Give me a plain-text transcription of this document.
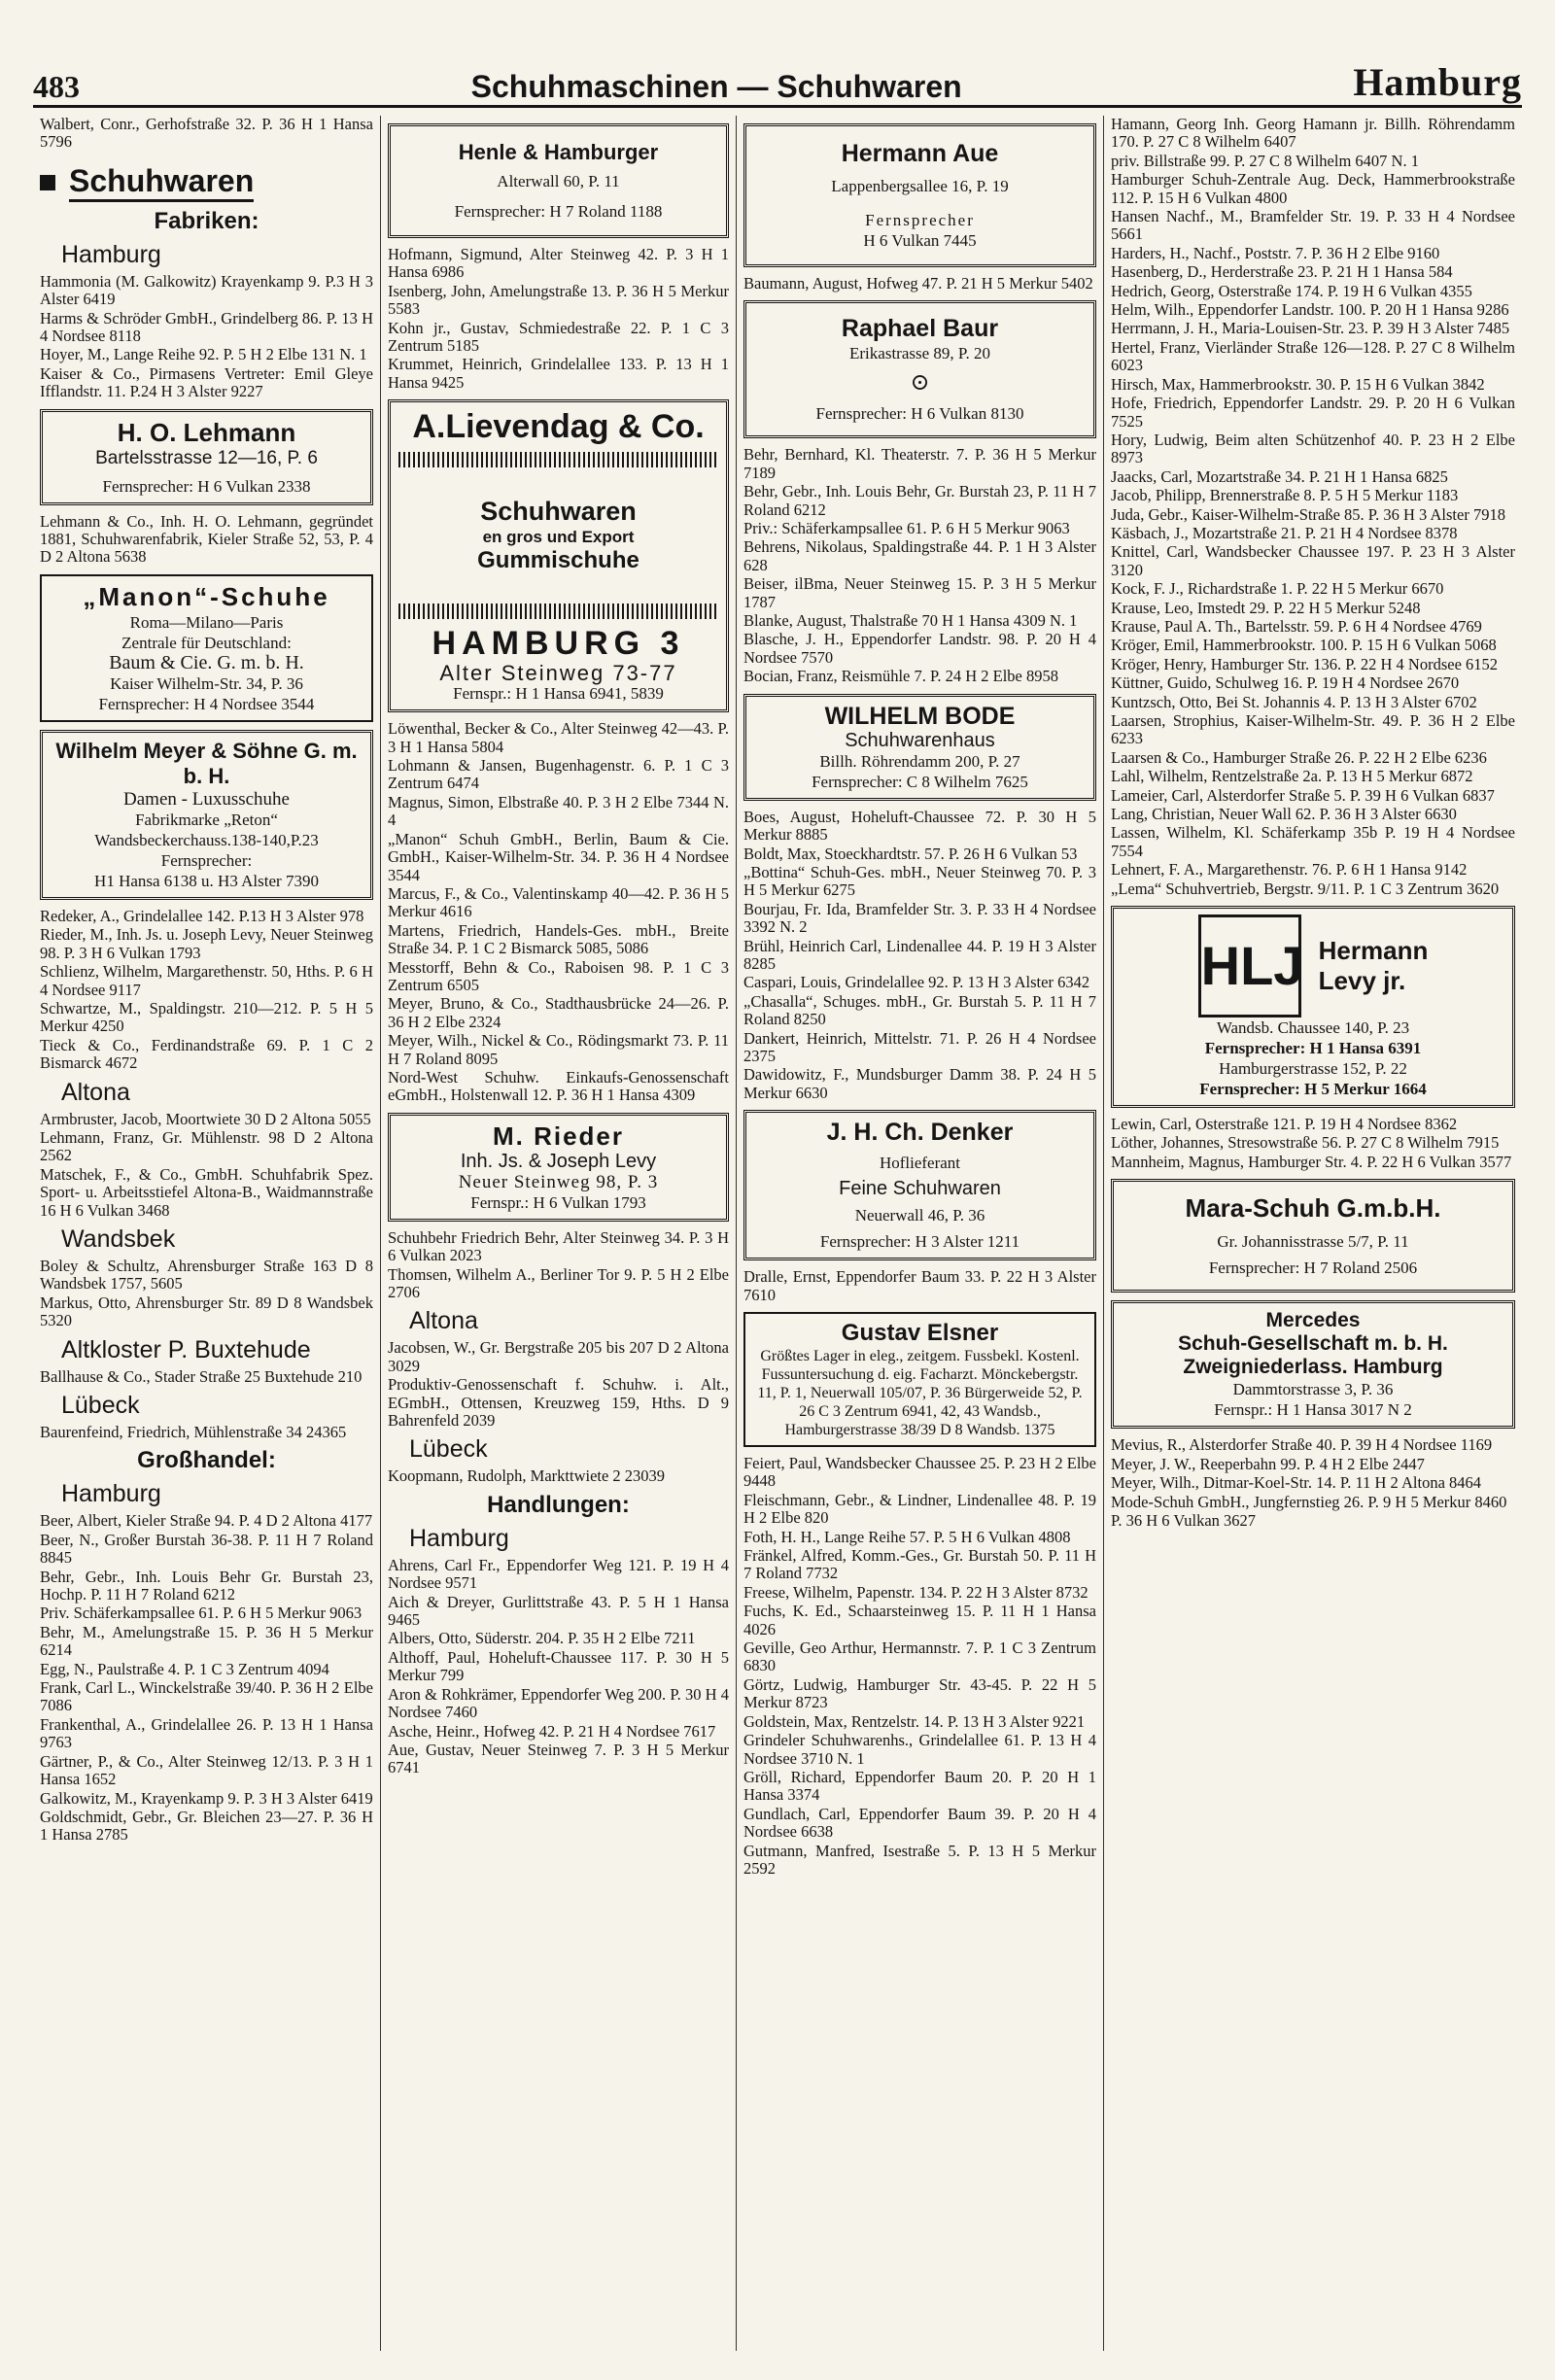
483	Schuhmaschinen — Schuhwaren	Hamburg

Walbert, Conr., Gerhofstraße 32. P. 36 H 1 Hansa 5796

Schuhwaren
Fabriken:
Hamburg

Hammonia (M. Galkowitz) Krayenkamp 9. P.3 H 3 Alster 6419

Harms & Schröder GmbH., Grindelberg 86. P. 13 H 4 Nordsee 8118

Hoyer, M., Lange Reihe 92. P. 5 H 2 Elbe 131 N. 1

Kaiser & Co., Pirmasens Vertreter: Emil Gleye Ifflandstr. 11. P.24 H 3 Alster 9227

H. O. Lehmann
Bartelsstrasse 12—16, P. 6
Fernsprecher: H 6 Vulkan 2338

Lehmann & Co., Inh. H. O. Lehmann, gegründet 1881, Schuhwarenfabrik, Kieler Straße 52, 53, P. 4 D 2 Altona 5638

„Manon“-Schuhe
Roma—Milano—Paris
Zentrale für Deutschland:
Baum & Cie. G. m. b. H.
Kaiser Wilhelm-Str. 34, P. 36
Fernsprecher: H 4 Nordsee 3544
Wilhelm Meyer & Söhne G. m. b. H.
Damen - Luxusschuhe
Fabrikmarke „Reton“
Wandsbeckerchauss.138-140,P.23
Fernsprecher:
H1 Hansa 6138 u. H3 Alster 7390

Redeker, A., Grindelallee 142. P.13 H 3 Alster 978

Rieder, M., Inh. Js. u. Joseph Levy, Neuer Steinweg 98. P. 3 H 6 Vulkan 1793

Schlienz, Wilhelm, Margarethenstr. 50, Hths. P. 6 H 4 Nordsee 9117

Schwartze, M., Spaldingstr. 210—212. P. 5 H 5 Merkur 4250

Tieck & Co., Ferdinandstraße 69. P. 1 C 2 Bismarck 4672

Altona

Armbruster, Jacob, Moortwiete 30 D 2 Altona 5055

Lehmann, Franz, Gr. Mühlenstr. 98 D 2 Altona 2562

Matschek, F., & Co., GmbH. Schuhfabrik Spez. Sport- u. Arbeitsstiefel Altona-B., Waidmannstraße 16 H 6 Vulkan 3468

Wandsbek

Boley & Schultz, Ahrensburger Straße 163 D 8 Wandsbek 1757, 5605

Markus, Otto, Ahrensburger Str. 89 D 8 Wandsbek 5320

Altkloster P. Buxtehude

Ballhause & Co., Stader Straße 25 Buxtehude 210

Lübeck

Baurenfeind, Friedrich, Mühlenstraße 34 24365

Großhandel:
Hamburg

Beer, Albert, Kieler Straße 94. P. 4 D 2 Altona 4177

Beer, N., Großer Burstah 36-38. P. 11 H 7 Roland 8845

Behr, Gebr., Inh. Louis Behr Gr. Burstah 23, Hochp. P. 11 H 7 Roland 6212

Priv. Schäferkampsallee 61. P. 6 H 5 Merkur 9063

Behr, M., Amelungstraße 15. P. 36 H 5 Merkur 6214

Egg, N., Paulstraße 4. P. 1 C 3 Zentrum 4094

Frank, Carl L., Winckelstraße 39/40. P. 36 H 2 Elbe 7086

Frankenthal, A., Grindelallee 26. P. 13 H 1 Hansa 9763

Gärtner, P., & Co., Alter Steinweg 12/13. P. 3 H 1 Hansa 1652

Galkowitz, M., Krayenkamp 9. P. 3 H 3 Alster 6419

Goldschmidt, Gebr., Gr. Bleichen 23—27. P. 36 H 1 Hansa 2785

Henle & Hamburger
Alterwall 60, P. 11
Fernsprecher: H 7 Roland 1188

Hofmann, Sigmund, Alter Steinweg 42. P. 3 H 1 Hansa 6986

Isenberg, John, Amelungstraße 13. P. 36 H 5 Merkur 5583

Kohn jr., Gustav, Schmiedestraße 22. P. 1 C 3 Zentrum 5185

Krummet, Heinrich, Grindelallee 133. P. 13 H 1 Hansa 9425

A.Lievendag & Co.
Schuhwaren
en gros und Export
Gummischuhe
HAMBURG 3
Alter Steinweg 73-77
Fernspr.: H 1 Hansa 6941, 5839

Löwenthal, Becker & Co., Alter Steinweg 42—43. P. 3 H 1 Hansa 5804

Lohmann & Jansen, Bugenhagenstr. 6. P. 1 C 3 Zentrum 6474

Magnus, Simon, Elbstraße 40. P. 3 H 2 Elbe 7344 N. 4

„Manon“ Schuh GmbH., Berlin, Baum & Cie. GmbH., Kaiser-Wilhelm-Str. 34. P. 36 H 4 Nordsee 3544

Marcus, F., & Co., Valentinskamp 40—42. P. 36 H 5 Merkur 4616

Martens, Friedrich, Handels-Ges. mbH., Breite Straße 34. P. 1 C 2 Bismarck 5085, 5086

Messtorff, Behn & Co., Raboisen 98. P. 1 C 3 Zentrum 6505

Meyer, Bruno, & Co., Stadthausbrücke 24—26. P. 36 H 2 Elbe 2324

Meyer, Wilh., Nickel & Co., Rödingsmarkt 73. P. 11 H 7 Roland 8095

Nord-West Schuhw. Einkaufs-Genossenschaft eGmbH., Holstenwall 12. P. 36 H 1 Hansa 4309

M. Rieder
Inh. Js. & Joseph Levy
Neuer Steinweg 98, P. 3
Fernspr.: H 6 Vulkan 1793

Schuhbehr Friedrich Behr, Alter Steinweg 34. P. 3 H 6 Vulkan 2023

Thomsen, Wilhelm A., Berliner Tor 9. P. 5 H 2 Elbe 2706

Altona

Jacobsen, W., Gr. Bergstraße 205 bis 207 D 2 Altona 3029

Produktiv-Genossenschaft f. Schuhw. i. Alt., EGmbH., Ottensen, Kreuzweg 159, Hths. D 9 Bahrenfeld 2039

Lübeck

Koopmann, Rudolph, Markttwiete 2 23039

Handlungen:
Hamburg

Ahrens, Carl Fr., Eppendorfer Weg 121. P. 19 H 4 Nordsee 9571

Aich & Dreyer, Gurlittstraße 43. P. 5 H 1 Hansa 9465

Albers, Otto, Süderstr. 204. P. 35 H 2 Elbe 7211

Althoff, Paul, Hoheluft-Chaussee 117. P. 30 H 5 Merkur 799

Aron & Rohkrämer, Eppendorfer Weg 200. P. 30 H 4 Nordsee 7460

Asche, Heinr., Hofweg 42. P. 21 H 4 Nordsee 7617

Aue, Gustav, Neuer Steinweg 7. P. 3 H 5 Merkur 6741

Hermann Aue
Lappenbergsallee 16, P. 19
Fernsprecher
H 6 Vulkan 7445

Baumann, August, Hofweg 47. P. 21 H 5 Merkur 5402

Raphael Baur
Erikastrasse 89, P. 20
⊙
Fernsprecher: H 6 Vulkan 8130

Behr, Bernhard, Kl. Theaterstr. 7. P. 36 H 5 Merkur 7189

Behr, Gebr., Inh. Louis Behr, Gr. Burstah 23, P. 11 H 7 Roland 6212

Priv.: Schäferkampsallee 61. P. 6 H 5 Merkur 9063

Behrens, Nikolaus, Spaldingstraße 44. P. 1 H 3 Alster 628

Beiser, ilBma, Neuer Steinweg 15. P. 3 H 5 Merkur 1787

Blanke, August, Thalstraße 70 H 1 Hansa 4309 N. 1

Blasche, J. H., Eppendorfer Landstr. 98. P. 20 H 4 Nordsee 7570

Bocian, Franz, Reismühle 7. P. 24 H 2 Elbe 8958

WILHELM BODE
Schuhwarenhaus
Billh. Röhrendamm 200, P. 27
Fernsprecher: C 8 Wilhelm 7625

Boes, August, Hoheluft-Chaussee 72. P. 30 H 5 Merkur 8885

Boldt, Max, Stoeckhardtstr. 57. P. 26 H 6 Vulkan 53

„Bottina“ Schuh-Ges. mbH., Neuer Steinweg 70. P. 3 H 5 Merkur 6275

Bourjau, Fr. Ida, Bramfelder Str. 3. P. 33 H 4 Nordsee 3392 N. 2

Brühl, Heinrich Carl, Lindenallee 44. P. 19 H 3 Alster 8285

Caspari, Louis, Grindelallee 92. P. 13 H 3 Alster 6342

„Chasalla“, Schuges. mbH., Gr. Burstah 5. P. 11 H 7 Roland 8250

Dankert, Heinrich, Mittelstr. 71. P. 26 H 4 Nordsee 2375

Dawidowitz, F., Mundsburger Damm 38. P. 24 H 5 Merkur 6630

J. H. Ch. Denker
Hoflieferant
Feine Schuhwaren
Neuerwall 46, P. 36
Fernsprecher: H 3 Alster 1211

Dralle, Ernst, Eppendorfer Baum 33. P. 22 H 3 Alster 7610

Gustav Elsner
Größtes Lager in eleg., zeitgem. Fussbekl. Kostenl. Fussuntersuchung d. eig. Facharzt. Mönckebergstr. 11, P. 1, Neuerwall 105/07, P. 36 Bürgerweide 52, P. 26 C 3 Zentrum 6941, 42, 43 Wandsb., Hamburgerstrasse 38/39 D 8 Wandsb. 1375

Feiert, Paul, Wandsbecker Chaussee 25. P. 23 H 2 Elbe 9448

Fleischmann, Gebr., & Lindner, Lindenallee 48. P. 19 H 2 Elbe 820

Foth, H. H., Lange Reihe 57. P. 5 H 6 Vulkan 4808

Fränkel, Alfred, Komm.-Ges., Gr. Burstah 50. P. 11 H 7 Roland 7732

Freese, Wilhelm, Papenstr. 134. P. 22 H 3 Alster 8732

Fuchs, K. Ed., Schaarsteinweg 15. P. 11 H 1 Hansa 4026

Geville, Geo Arthur, Hermannstr. 7. P. 1 C 3 Zentrum 6830

Görtz, Ludwig, Hamburger Str. 43-45. P. 22 H 5 Merkur 8723

Goldstein, Max, Rentzelstr. 14. P. 13 H 3 Alster 9221

Grindeler Schuhwarenhs., Grindelallee 61. P. 13 H 4 Nordsee 3710 N. 1

Gröll, Richard, Eppendorfer Baum 20. P. 20 H 1 Hansa 3374

Gundlach, Carl, Eppendorfer Baum 39. P. 20 H 4 Nordsee 6638

Gutmann, Manfred, Isestraße 5. P. 13 H 5 Merkur 2592

Hamann, Georg Inh. Georg Hamann jr. Billh. Röhrendamm 170. P. 27 C 8 Wilhelm 6407

priv. Billstraße 99. P. 27 C 8 Wilhelm 6407 N. 1

Hamburger Schuh-Zentrale Aug. Deck, Hammerbrookstraße 112. P. 15 H 6 Vulkan 4800

Hansen Nachf., M., Bramfelder Str. 19. P. 33 H 4 Nordsee 5661

Harders, H., Nachf., Poststr. 7. P. 36 H 2 Elbe 9160

Hasenberg, D., Herderstraße 23. P. 21 H 1 Hansa 584

Hedrich, Georg, Osterstraße 174. P. 19 H 6 Vulkan 4355

Helm, Wilh., Eppendorfer Landstr. 100. P. 20 H 1 Hansa 9286

Herrmann, J. H., Maria-Louisen-Str. 23. P. 39 H 3 Alster 7485

Hertel, Franz, Vierländer Straße 126—128. P. 27 C 8 Wilhelm 6023

Hirsch, Max, Hammerbrookstr. 30. P. 15 H 6 Vulkan 3842

Hofe, Friedrich, Eppendorfer Landstr. 29. P. 20 H 6 Vulkan 7525

Hory, Ludwig, Beim alten Schützenhof 40. P. 23 H 2 Elbe 8973

Jaacks, Carl, Mozartstraße 34. P. 21 H 1 Hansa 6825

Jacob, Philipp, Brennerstraße 8. P. 5 H 5 Merkur 1183

Juda, Gebr., Kaiser-Wilhelm-Straße 85. P. 36 H 3 Alster 7918

Käsbach, J., Mozartstraße 21. P. 21 H 4 Nordsee 8378

Knittel, Carl, Wandsbecker Chaussee 197. P. 23 H 3 Alster 3120

Kock, F. J., Richardstraße 1. P. 22 H 5 Merkur 6670

Krause, Leo, Imstedt 29. P. 22 H 5 Merkur 5248

Krause, Paul A. Th., Bartelsstr. 59. P. 6 H 4 Nordsee 4769

Kröger, Emil, Hammerbrookstr. 100. P. 15 H 6 Vulkan 5068

Kröger, Henry, Hamburger Str. 136. P. 22 H 4 Nordsee 6152

Küttner, Guido, Schulweg 16. P. 19 H 4 Nordsee 2670

Kuntzsch, Otto, Bei St. Johannis 4. P. 13 H 3 Alster 6702

Laarsen, Strophius, Kaiser-Wilhelm-Str. 49. P. 36 H 2 Elbe 6233

Laarsen & Co., Hamburger Straße 26. P. 22 H 2 Elbe 6236

Lahl, Wilhelm, Rentzelstraße 2a. P. 13 H 5 Merkur 6872

Lameier, Carl, Alsterdorfer Straße 5. P. 39 H 6 Vulkan 6837

Lang, Christian, Neuer Wall 62. P. 36 H 3 Alster 6630

Lassen, Wilhelm, Kl. Schäferkamp 35b P. 19 H 4 Nordsee 7554

Lehnert, F. A., Margarethenstr. 76. P. 6 H 1 Hansa 9142

„Lema“ Schuhvertrieb, Bergstr. 9/11. P. 1 C 3 Zentrum 3620

HLJ Hermann
Levy jr.
Wandsb. Chaussee 140, P. 23
Fernsprecher: H 1 Hansa 6391
Hamburgerstrasse 152, P. 22
Fernsprecher: H 5 Merkur 1664

Lewin, Carl, Osterstraße 121. P. 19 H 4 Nordsee 8362

Löther, Johannes, Stresowstraße 56. P. 27 C 8 Wilhelm 7915

Mannheim, Magnus, Hamburger Str. 4. P. 22 H 6 Vulkan 3577

Mara-Schuh G.m.b.H.
Gr. Johannisstrasse 5/7, P. 11
Fernsprecher: H 7 Roland 2506
Mercedes
Schuh-Gesellschaft m. b. H.
Zweigniederlass. Hamburg
Dammtorstrasse 3, P. 36
Fernspr.: H 1 Hansa 3017 N 2

Mevius, R., Alsterdorfer Straße 40. P. 39 H 4 Nordsee 1169

Meyer, J. W., Reeperbahn 99. P. 4 H 2 Elbe 2447

Meyer, Wilh., Ditmar-Koel-Str. 14. P. 11 H 2 Altona 8464

Mode-Schuh GmbH., Jungfernstieg 26. P. 9 H 5 Merkur 8460

P. 36 H 6 Vulkan 3627
